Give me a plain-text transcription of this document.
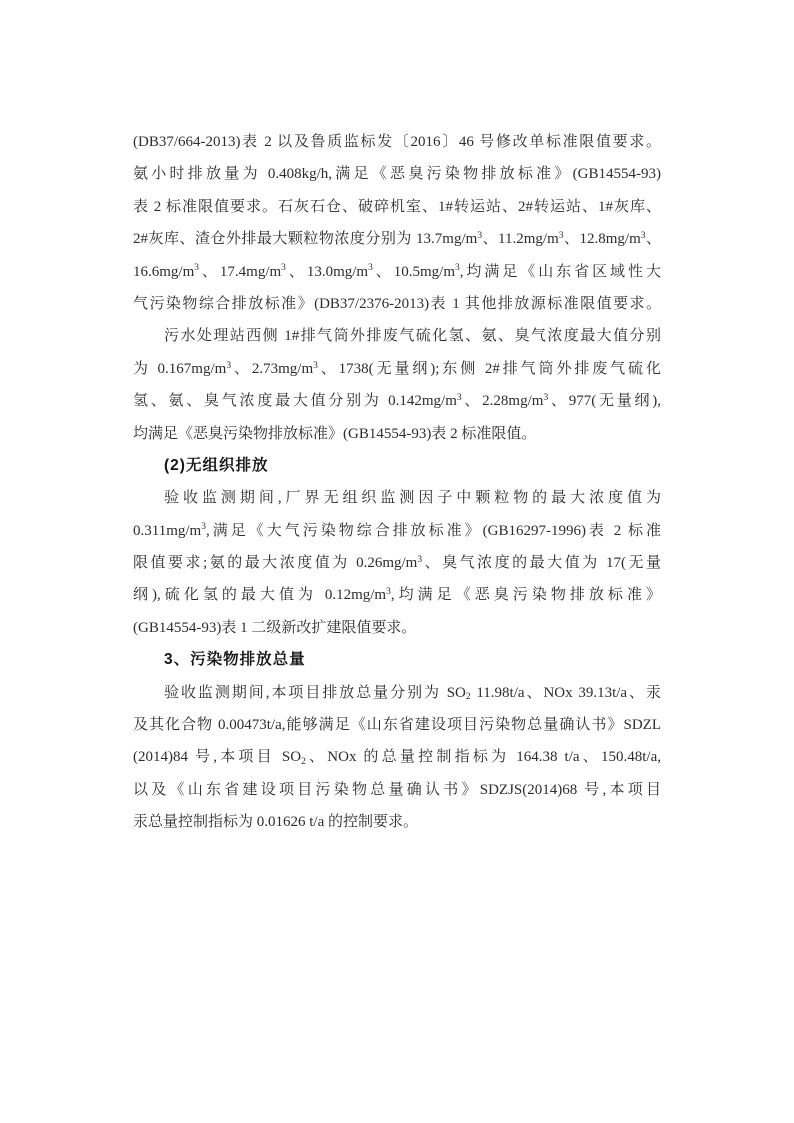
(DB37/664-2013)表 2 以及鲁质监标发〔2016〕46 号修改单标准限值要求。
氨小时排放量为 0.408kg/h,满足《恶臭污染物排放标准》(GB14554-93)
表 2 标准限值要求。石灰石仓、破碎机室、1#转运站、2#转运站、1#灰库、
2#灰库、渣仓外排最大颗粒物浓度分别为 $13.7mg/m^3$、$11.2mg/m^3$、$12.8mg/m^3$、
$16.6mg/m^3$、$17.4mg/m^3$、$13.0mg/m^3$、$10.5mg/m^3$,均满足《山东省区域性大
气污染物综合排放标准》(DB37/2376-2013)表 1 其他排放源标准限值要求。
污水处理站西侧 1#排气筒外排废气硫化氢、氨、臭气浓度最大值分别
为 $0.167mg/m^3$、$2.73mg/m^3$、1738(无量纲);东侧 2#排气筒外排废气硫化
氢、氨、臭气浓度最大值分别为 $0.142mg/m^3$、$2.28mg/m^3$、977(无量纲),
均满足《恶臭污染物排放标准》(GB14554-93)表 2 标准限值。
(2)无组织排放
验收监测期间,厂界无组织监测因子中颗粒物的最大浓度值为
$0.311mg/m^3$,满足《大气污染物综合排放标准》(GB16297-1996)表 2 标准
限值要求;氨的最大浓度值为 $0.26mg/m^3$、臭气浓度的最大值为 17(无量
纲),硫化氢的最大值为 $0.12mg/m^3$,均满足《恶臭污染物排放标准》
(GB14554-93)表 1 二级新改扩建限值要求。
3、污染物排放总量
验收监测期间,本项目排放总量分别为 $SO_2$ 11.98t/a、NOx 39.13t/a、汞
及其化合物 0.00473t/a,能够满足《山东省建设项目污染物总量确认书》SDZL
(2014)84 号,本项目 $SO_2$、NOx 的总量控制指标为 164.38 t/a、150.48t/a,
以及《山东省建设项目污染物总量确认书》SDZJS(2014)68 号,本项目
汞总量控制指标为 0.01626 t/a 的控制要求。
